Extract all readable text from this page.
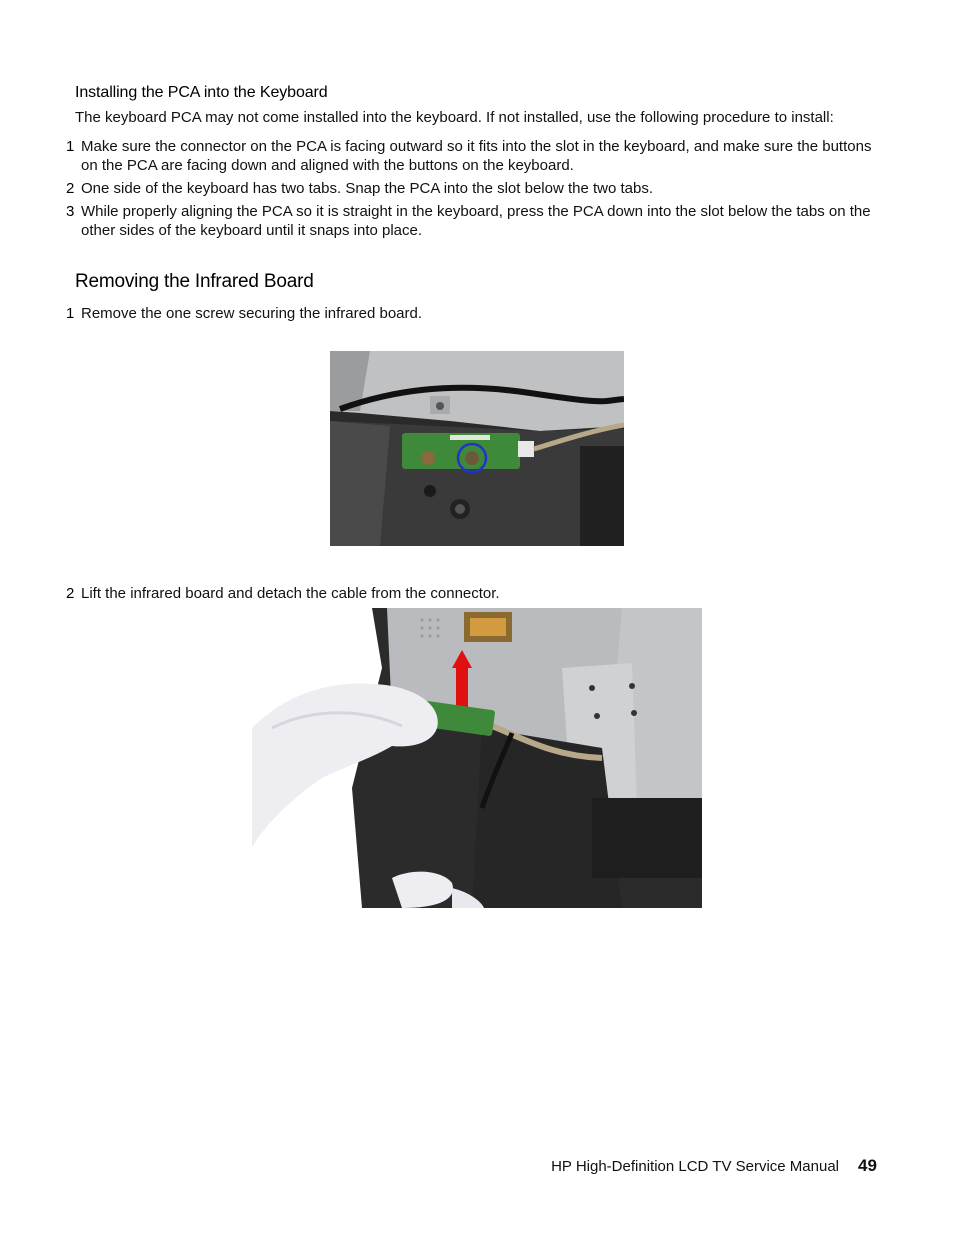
Installing the PCA into the Keyboard
The keyboard PCA may not come installed into the keyboard. If not installed, use the following procedure to install:
1 Make sure the connector on the PCA is facing outward so it fits into the slot in the keyboard, and make sure the buttons on the PCA are facing down and aligned with the buttons on the keyboard.
2 One side of the keyboard has two tabs. Snap the PCA into the slot below the two tabs.
3 While properly aligning the PCA so it is straight in the keyboard, press the PCA down into the slot below the tabs on the other sides of the keyboard until it snaps into place.
Removing the Infrared Board
1 Remove the one screw securing the infrared board.
2 Lift the infrared board and detach the cable from the connector.
HP High-Definition LCD TV Service Manual 49
